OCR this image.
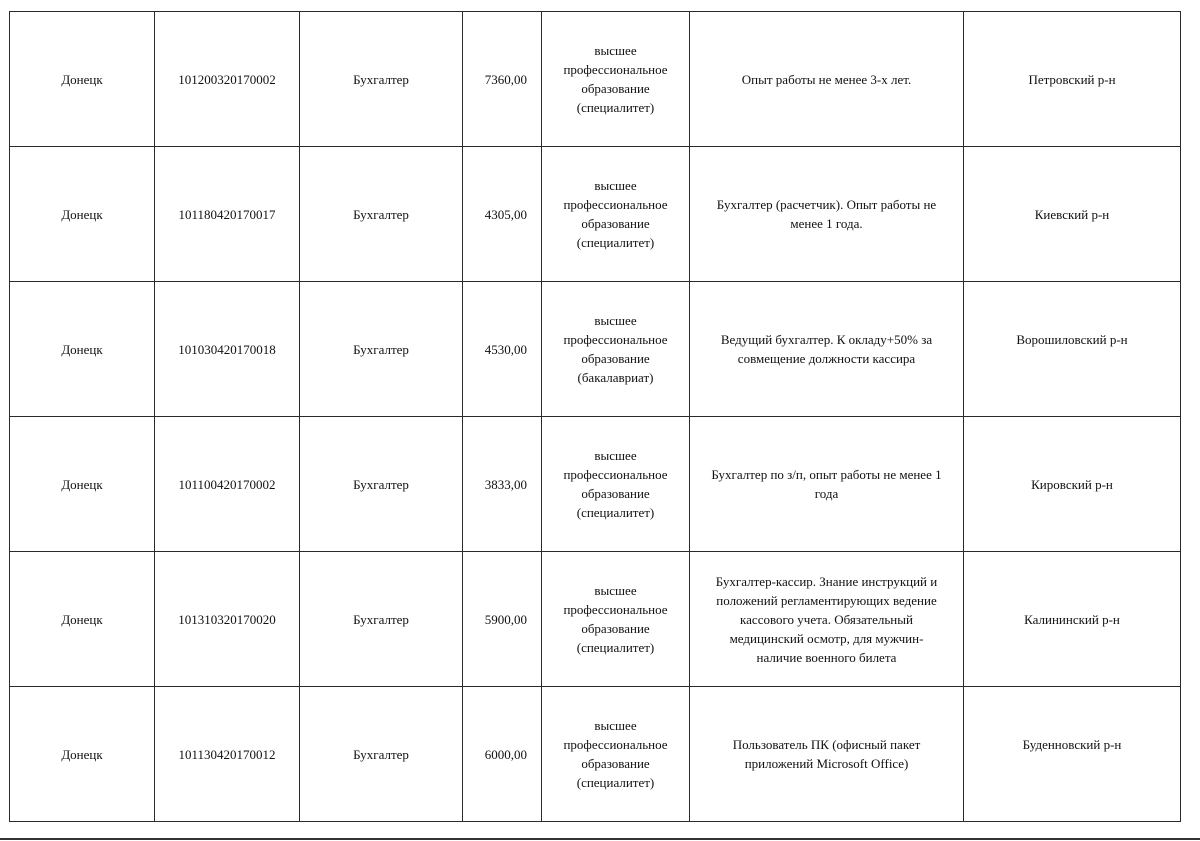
Донецк	101200320170002	Бухгалтер	7360,00	высшее
профессиональное
образование
(специалитет)	Опыт работы не менее 3-х лет.	Петровский р-н
Донецк	101180420170017	Бухгалтер	4305,00	высшее
профессиональное
образование
(специалитет)	Бухгалтер (расчетчик). Опыт работы не
менее 1 года.	Киевский р-н
Донецк	101030420170018	Бухгалтер	4530,00	высшее
профессиональное
образование
(бакалавриат)	Ведущий бухгалтер. К окладу+50% за
совмещение должности кассира	Ворошиловский р-н
Донецк	101100420170002	Бухгалтер	3833,00	высшее
профессиональное
образование
(специалитет)	Бухгалтер по з/п, опыт работы не менее 1
года	Кировский р-н
Донецк	101310320170020	Бухгалтер	5900,00	высшее
профессиональное
образование
(специалитет)	Бухгалтер-кассир. Знание инструкций и
положений регламентирующих ведение
кассового учета. Обязательный
медицинский осмотр, для мужчин-
наличие военного билета	Калининский р-н
Донецк	101130420170012	Бухгалтер	6000,00	высшее
профессиональное
образование
(специалитет)	Пользователь ПК (офисный пакет
приложений Microsoft Office)	Буденновский р-н
